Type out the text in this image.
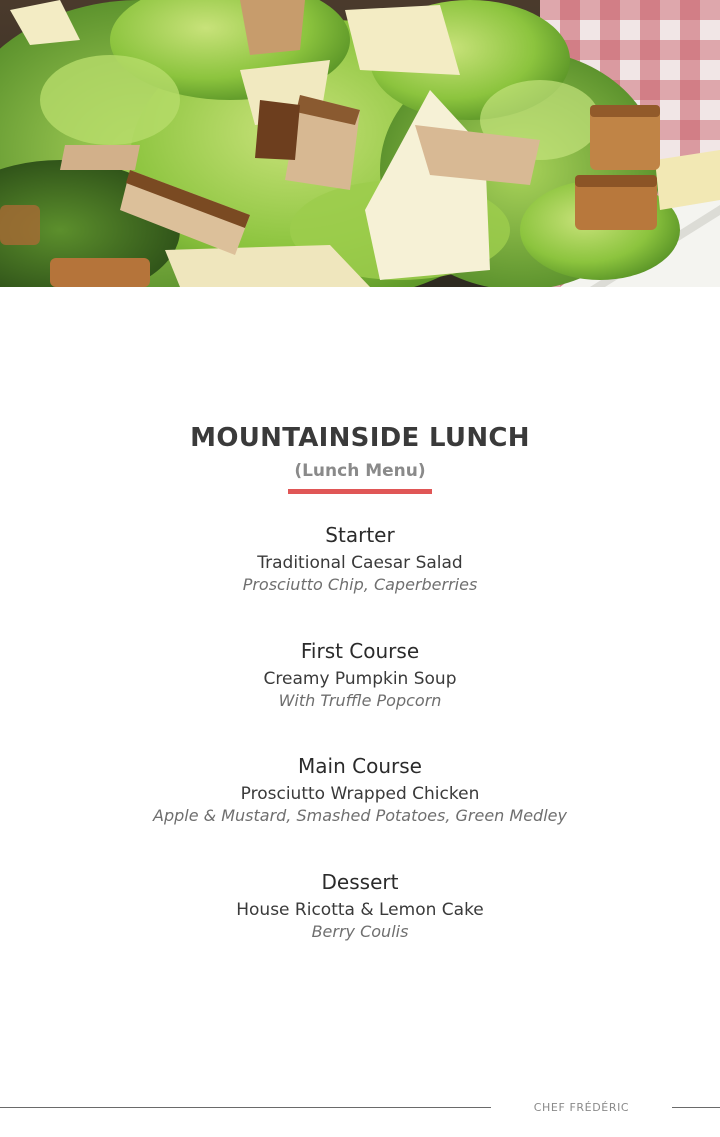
MOUNTAINSIDE LUNCH
(Lunch Menu)
Starter
Traditional Caesar Salad
Prosciutto Chip, Caperberries
First Course
Creamy Pumpkin Soup
With Truffle Popcorn
Main Course
Prosciutto Wrapped Chicken
Apple & Mustard, Smashed Potatoes, Green Medley
Dessert
House Ricotta & Lemon Cake
Berry Coulis
CHEF FRÉDÉRIC
